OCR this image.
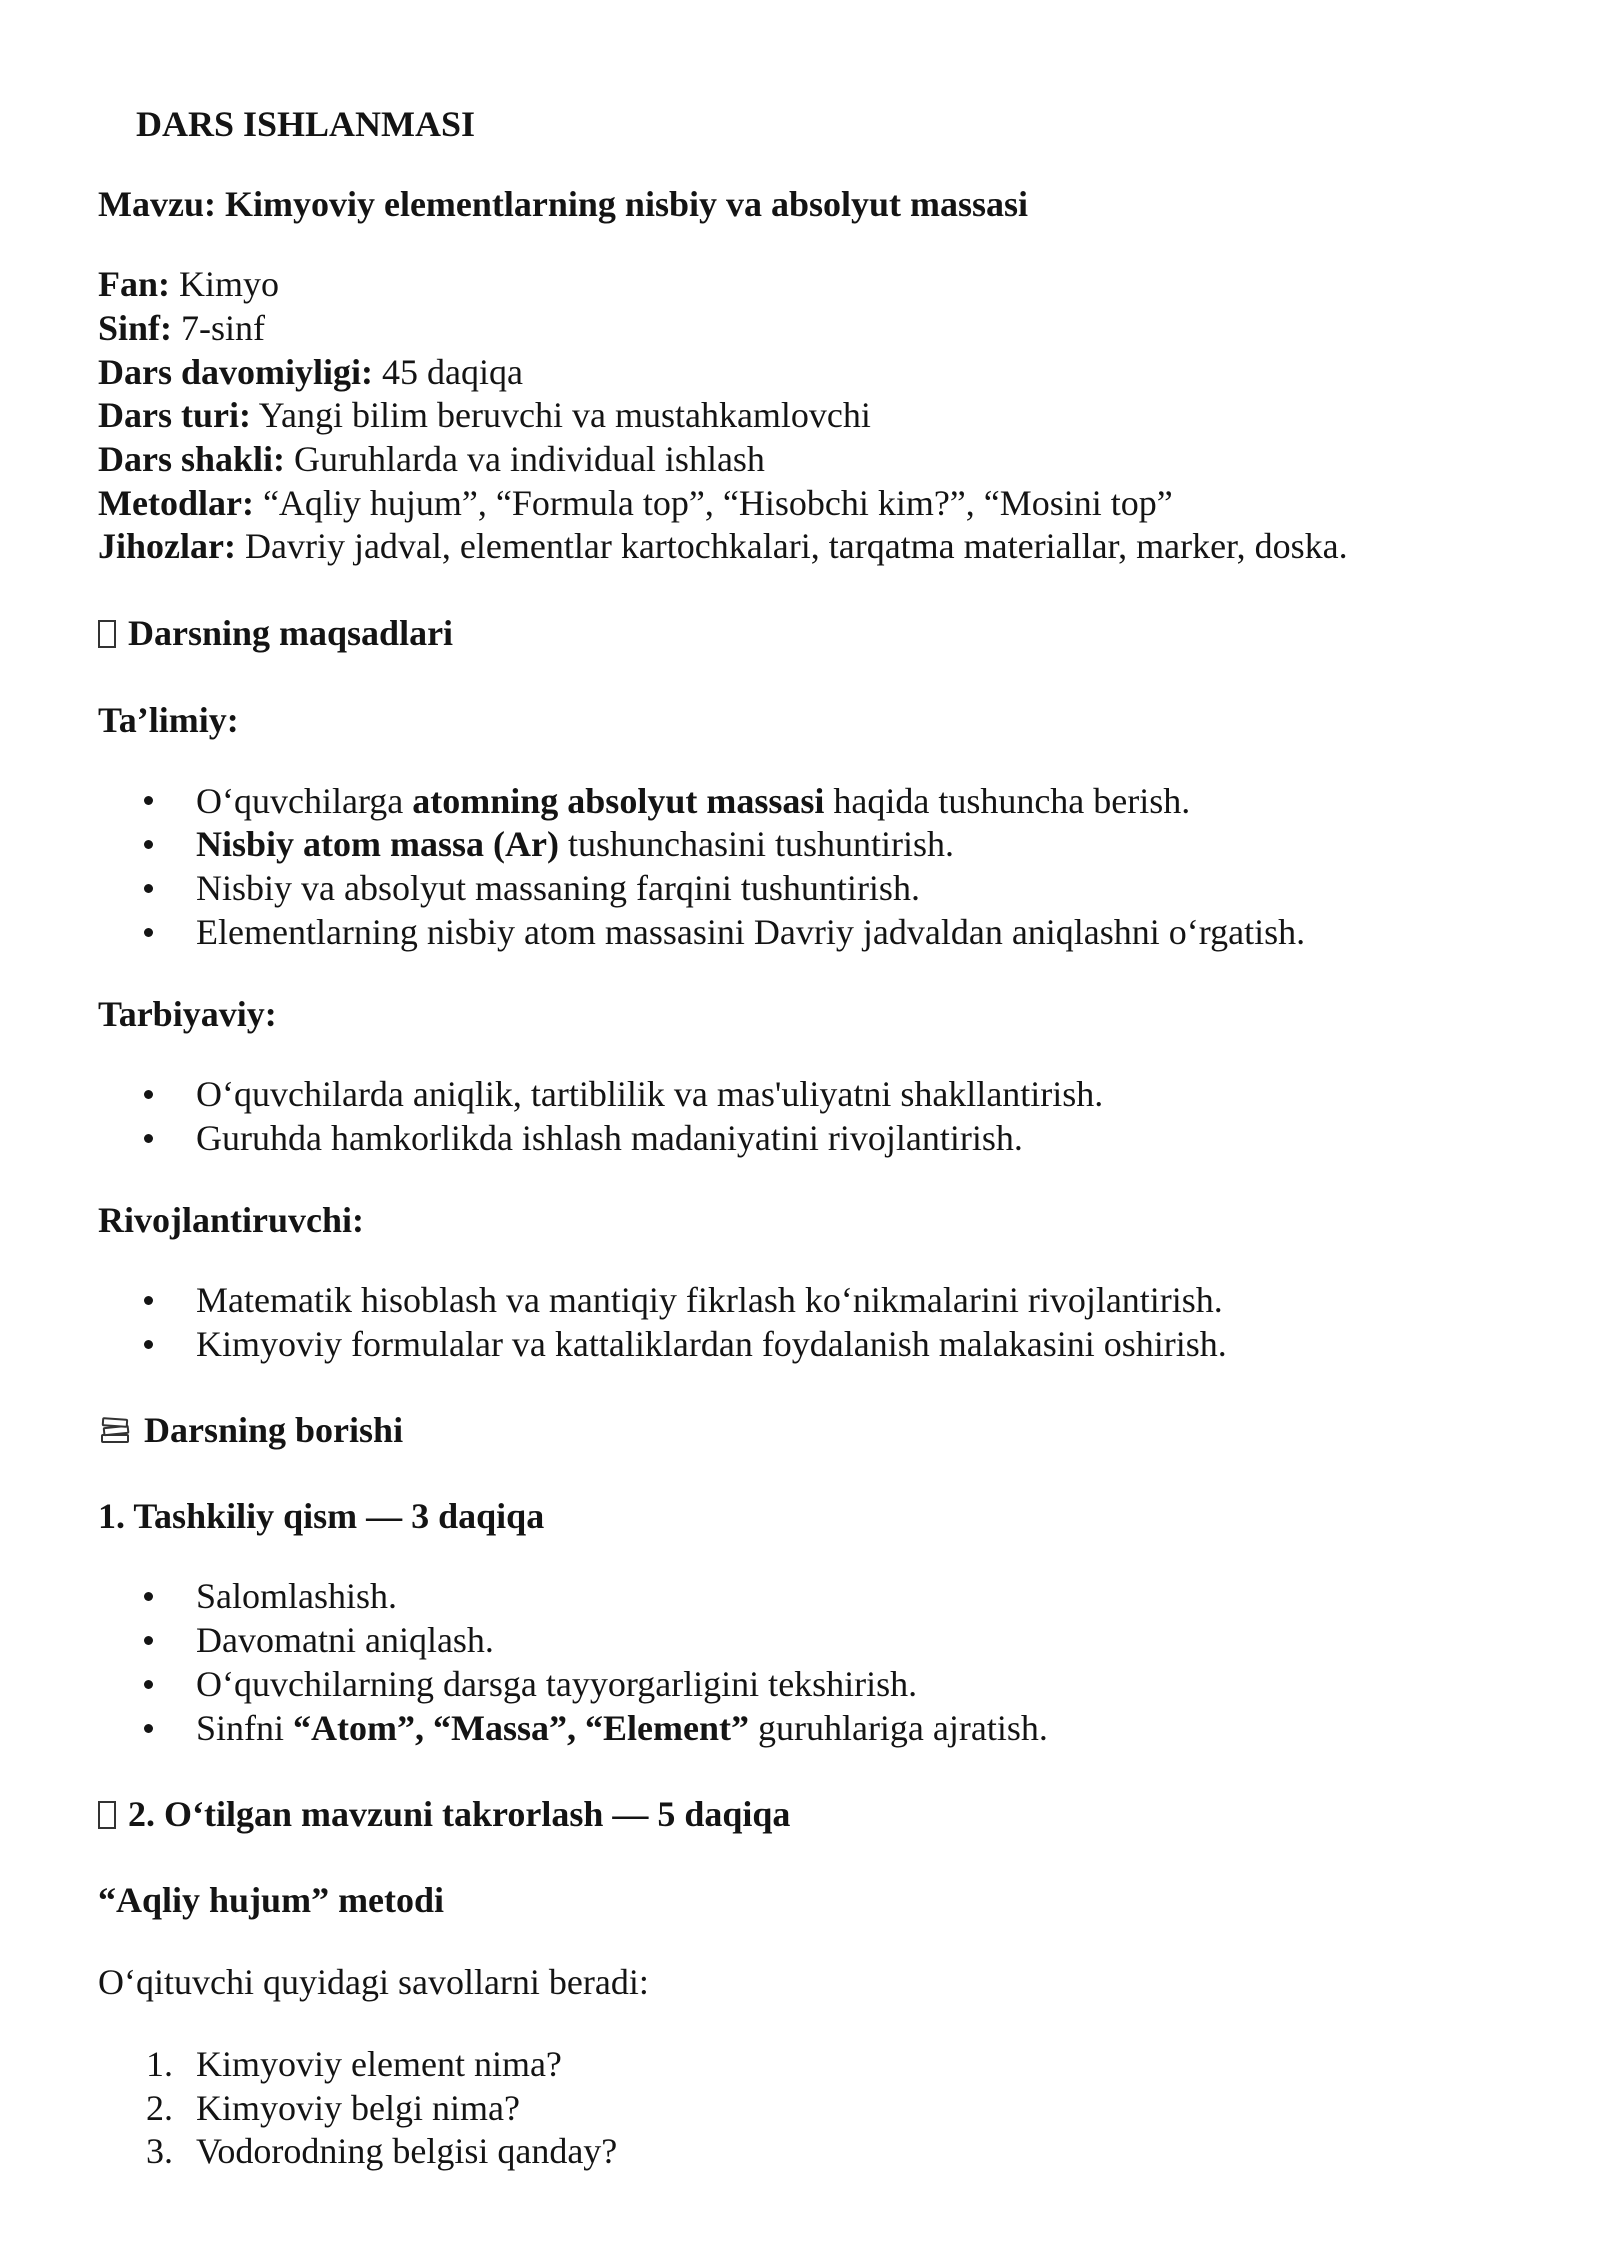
DARS ISHLANMASI
Mavzu: Kimyoviy elementlarning nisbiy va absolyut massasi
Fan: Kimyo
Sinf: 7-sinf
Dars davomiyligi: 45 daqiqa
Dars turi: Yangi bilim beruvchi va mustahkamlovchi
Dars shakli: Guruhlarda va individual ishlash
Metodlar: “Aqliy hujum”, “Formula top”, “Hisobchi kim?”, “Mosini top”
Jihozlar: Davriy jadval, elementlar kartochkalari, tarqatma materiallar, marker, doska.
Darsning maqsadlari
Ta’limiy:
O‘quvchilarga atomning absolyut massasi haqida tushuncha berish.
Nisbiy atom massa (Ar) tushunchasini tushuntirish.
Nisbiy va absolyut massaning farqini tushuntirish.
Elementlarning nisbiy atom massasini Davriy jadvaldan aniqlashni o‘rgatish.
Tarbiyaviy:
O‘quvchilarda aniqlik, tartiblilik va mas'uliyatni shakllantirish.
Guruhda hamkorlikda ishlash madaniyatini rivojlantirish.
Rivojlantiruvchi:
Matematik hisoblash va mantiqiy fikrlash ko‘nikmalarini rivojlantirish.
Kimyoviy formulalar va kattaliklardan foydalanish malakasini oshirish.
Darsning borishi
1. Tashkiliy qism — 3 daqiqa
Salomlashish.
Davomatni aniqlash.
O‘quvchilarning darsga tayyorgarligini tekshirish.
Sinfni “Atom”, “Massa”, “Element” guruhlariga ajratish.
2. O‘tilgan mavzuni takrorlash — 5 daqiqa
“Aqliy hujum” metodi
O‘qituvchi quyidagi savollarni beradi:
1. Kimyoviy element nima?
2. Kimyoviy belgi nima?
3. Vodorodning belgisi qanday?
